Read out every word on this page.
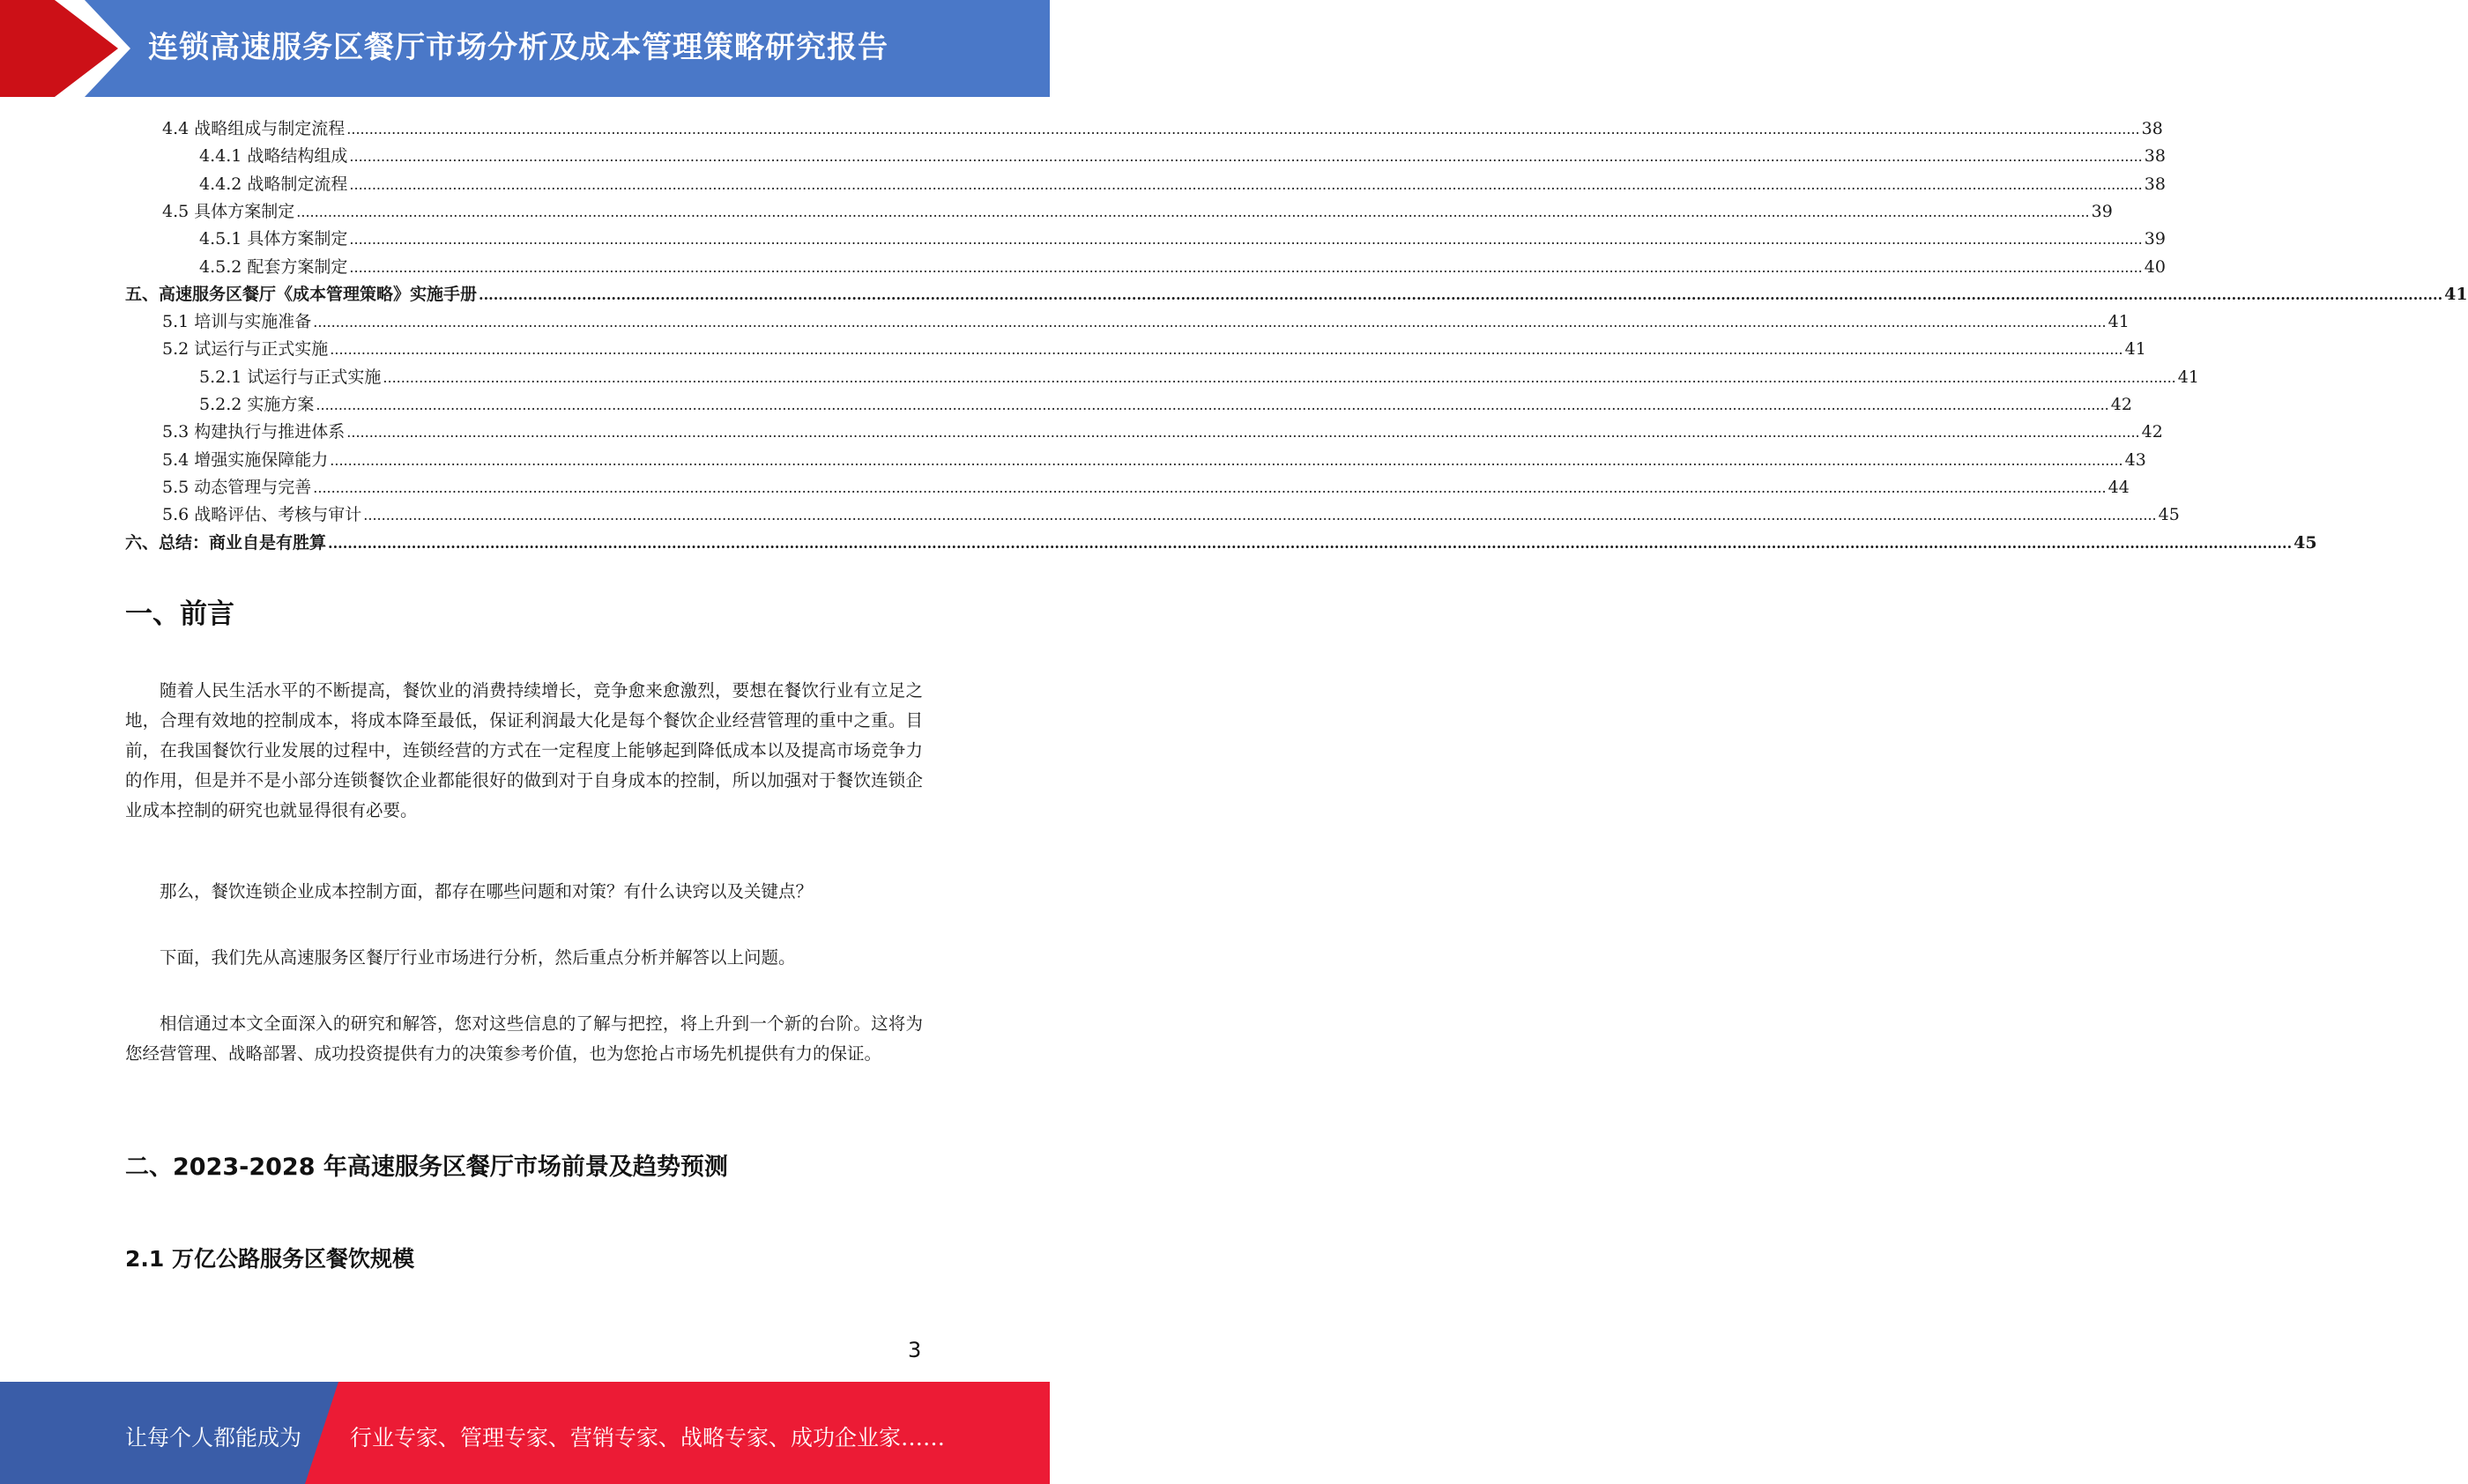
连锁高速服务区餐厅市场分析及成本管理策略研究报告
4.4 战略组成与制定流程 ................................................................................................................................................................................................................................................................................................................................................................................................................ 38
4.4.1 战略结构组成 ................................................................................................................................................................................................................................................................................................................................................................................................................ 38
4.4.2 战略制定流程 ................................................................................................................................................................................................................................................................................................................................................................................................................ 38
4.5 具体方案制定 ................................................................................................................................................................................................................................................................................................................................................................................................................ 39
4.5.1 具体方案制定 ................................................................................................................................................................................................................................................................................................................................................................................................................ 39
4.5.2 配套方案制定 ................................................................................................................................................................................................................................................................................................................................................................................................................ 40
五、高速服务区餐厅《成本管理策略》实施手册 ................................................................................................................................................................................................................................................................................................................................................................................................................ 41
5.1 培训与实施准备 ................................................................................................................................................................................................................................................................................................................................................................................................................ 41
5.2 试运行与正式实施 ................................................................................................................................................................................................................................................................................................................................................................................................................ 41
5.2.1 试运行与正式实施 ................................................................................................................................................................................................................................................................................................................................................................................................................ 41
5.2.2 实施方案 ................................................................................................................................................................................................................................................................................................................................................................................................................ 42
5.3 构建执行与推进体系 ................................................................................................................................................................................................................................................................................................................................................................................................................ 42
5.4 增强实施保障能力 ................................................................................................................................................................................................................................................................................................................................................................................................................ 43
5.5 动态管理与完善 ................................................................................................................................................................................................................................................................................................................................................................................................................ 44
5.6 战略评估、考核与审计 ................................................................................................................................................................................................................................................................................................................................................................................................................ 45
六、总结：商业自是有胜算 ................................................................................................................................................................................................................................................................................................................................................................................................................ 45
一、前言
随着人民生活水平的不断提高，餐饮业的消费持续增长，竞争愈来愈激烈，要想在餐饮行业有立足之地，合理有效地的控制成本，将成本降至最低，保证利润最大化是每个餐饮企业经营管理的重中之重。目前，在我国餐饮行业发展的过程中，连锁经营的方式在一定程度上能够起到降低成本以及提高市场竞争力的作用，但是并不是小部分连锁餐饮企业都能很好的做到对于自身成本的控制，所以加强对于餐饮连锁企业成本控制的研究也就显得很有必要。
那么，餐饮连锁企业成本控制方面，都存在哪些问题和对策？有什么诀窍以及关键点？
下面，我们先从高速服务区餐厅行业市场进行分析，然后重点分析并解答以上问题。
相信通过本文全面深入的研究和解答，您对这些信息的了解与把控，将上升到一个新的台阶。这将为您经营管理、战略部署、成功投资提供有力的决策参考价值，也为您抢占市场先机提供有力的保证。
二、2023-2028 年高速服务区餐厅市场前景及趋势预测
2.1 万亿公路服务区餐饮规模
3
让每个人都能成为 行业专家、管理专家、营销专家、战略专家、成功企业家……
